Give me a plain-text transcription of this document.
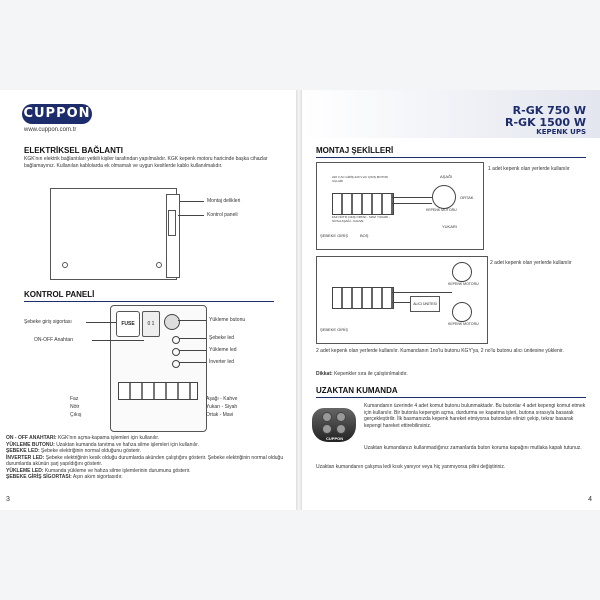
CUPPON
www.cuppon.com.tr
ELEKTRİKSEL BAĞLANTI
KGK'nın elektrik bağlantıları yetkili kişiler tarafından yapılmalıdır. KGK kepenk motoru haricinde başka cihazlar bağlamayınız. Kullanılan kablolarda ek olmamalı ve uygun kesitlerde kablo kullanılmalıdır.
Montaj delikleri
Kontrol paneli
KONTROL PANELİ
FUSE	0 1
Şebeke giriş sigortası
ON-OFF Anahtarı
Yükleme butonu
Şebeke led
Yükleme led
İnverter led
Faz
Nötr
Çıkış
Aşağı - Kahve
Yukarı - Siyah
Ortak - Mavi
ON - OFF ANAHTARI: KGK'nın açma-kapama işlemleri için kullanılır.
YÜKLEME BUTONU: Uzaktan kumanda tanıtma ve hafıza silme işlemleri için kullanılır.
ŞEBEKE LED: Şebeke elektriğinin normal olduğunu gösterir.
İNVERTER LED: Şebeke elektriğinin kesik olduğu durumlarda akünden çalıştığını gösterir. Şebeke elektriğinin normal olduğu durumlarda akünün şarj yapıldığını gösterir.
YÜKLEME LED: Kumanda yükleme ve hafıza silme işlemlerinin durumunu gösterir.
ŞEBEKE GİRİŞ SİGORTASI: Aşırı akım sigortasıdır.
3
R-GK 750 W
R-GK 1500 W
KEPENK UPS
MONTAJ ŞEKİLLERİ
220 V AC GİRİŞ 220 V AC ÇIKIŞ MOTOR UÇLARI
FAZ NÖTR ÇIKIŞ ORTAK - MAVİ YUKARI - SİYAH AŞAĞI - KAHVE
KEPENK MOTORU
AŞAĞI
YUKARI
ORTAK
ŞEBEKE GİRİŞ	BOŞ
1 adet kepenk olan yerlerde kullanılır
ALICI ÜNİTESİ
KEPENK MOTORU
KEPENK MOTORU
ŞEBEKE GİRİŞ
2 adet kepenk olan yerlerde kullanılır
2 adet kepenk olan yerlerde kullanılır. Kumandanın 1no'lu butonu KGY'ya, 2 no'lu butonu alıcı ünitesine yüklenir.
Dikkat: Kepenkler sıra ile çalıştırılmalıdır.
UZAKTAN KUMANDA
CUPPON
Kumandanın üzerinde 4 adet komut butonu bulunmaktadır. Bu butonlar 4 adet kepengi komut etmek için kullanılır. Bir butonla kepengin açma, durdurma ve kapatma işleri, butona sırasıyla basarak gerçekleştirilir. İlk basmanızda kepenk hareket etmiyorsa butondan elinizi çekip, tekrar basarak kepengi hareket ettirebilirsiniz.
Uzaktan kumandanızı kullanmadığınız zamanlarda buton koruma kapağını mutlaka kapalı tutunuz.
Uzaktan kumandanın çalışma ledi kısık yanıyor veya hiç yanmıyorsa pilini değiştiriniz.
4
